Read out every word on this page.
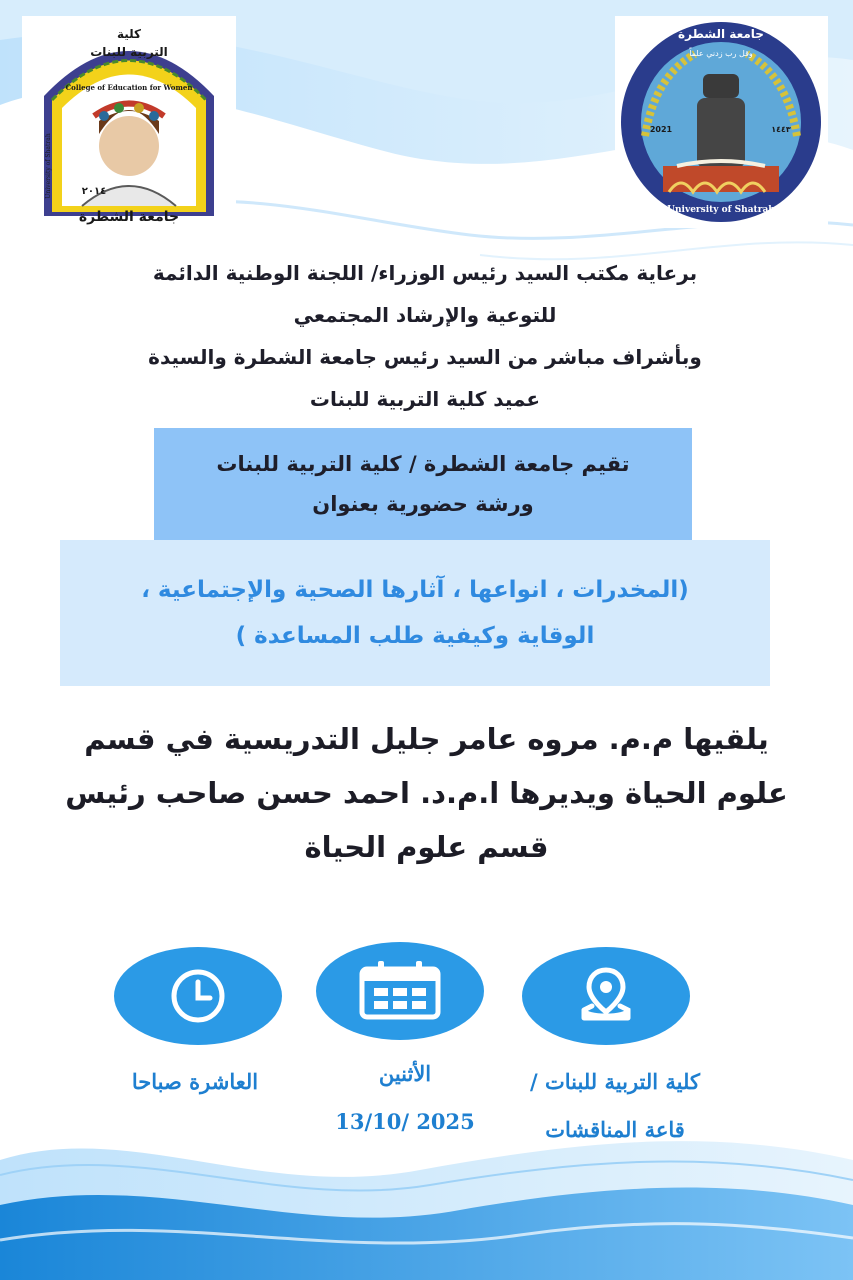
كلية
التربية للبنات
College of Education for Women
University of Shatrah
جامعة الشطرة
٢٠١٤
جامعة الشطرة
وقل رب زدني علماً
2021	١٤٤٣
University of Shatrah
برعاية مكتب السيد رئيس الوزراء/ اللجنة الوطنية الدائمة
للتوعية والإرشاد المجتمعي
وبأشراف مباشر من السيد رئيس جامعة الشطرة والسيدة
عميد كلية التربية للبنات
تقيم جامعة الشطرة / كلية التربية للبنات
ورشة حضورية بعنوان
(المخدرات ، انواعها ، آثارها الصحية والإجتماعية ،
الوقاية وكيفية طلب المساعدة )
يلقيها م.م. مروه عامر جليل التدريسية في قسم
علوم الحياة ويديرها ا.م.د. احمد حسن صاحب رئيس
قسم علوم الحياة
العاشرة صباحا	الأثنين
13/10/ 2025
كلية التربية للبنات /
قاعة المناقشات
